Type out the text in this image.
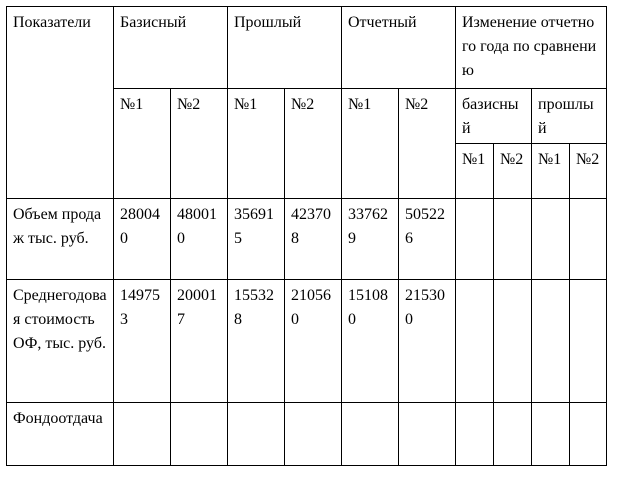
Показатели	Базисный		Прошлый		Отчетный		Изменение отчетного года по сравнению			
	№1	№2	№1	№2	№1	№2	базисный		прошлый	
							№1	№2	№1	№2
Объем продаж тыс. руб.	280040	480010	356915	423708	337629	505226				
Среднегодовая стоимость ОФ, тыс. руб.	149753	200017	155328	210560	151080	215300				
Фондоотдача										
